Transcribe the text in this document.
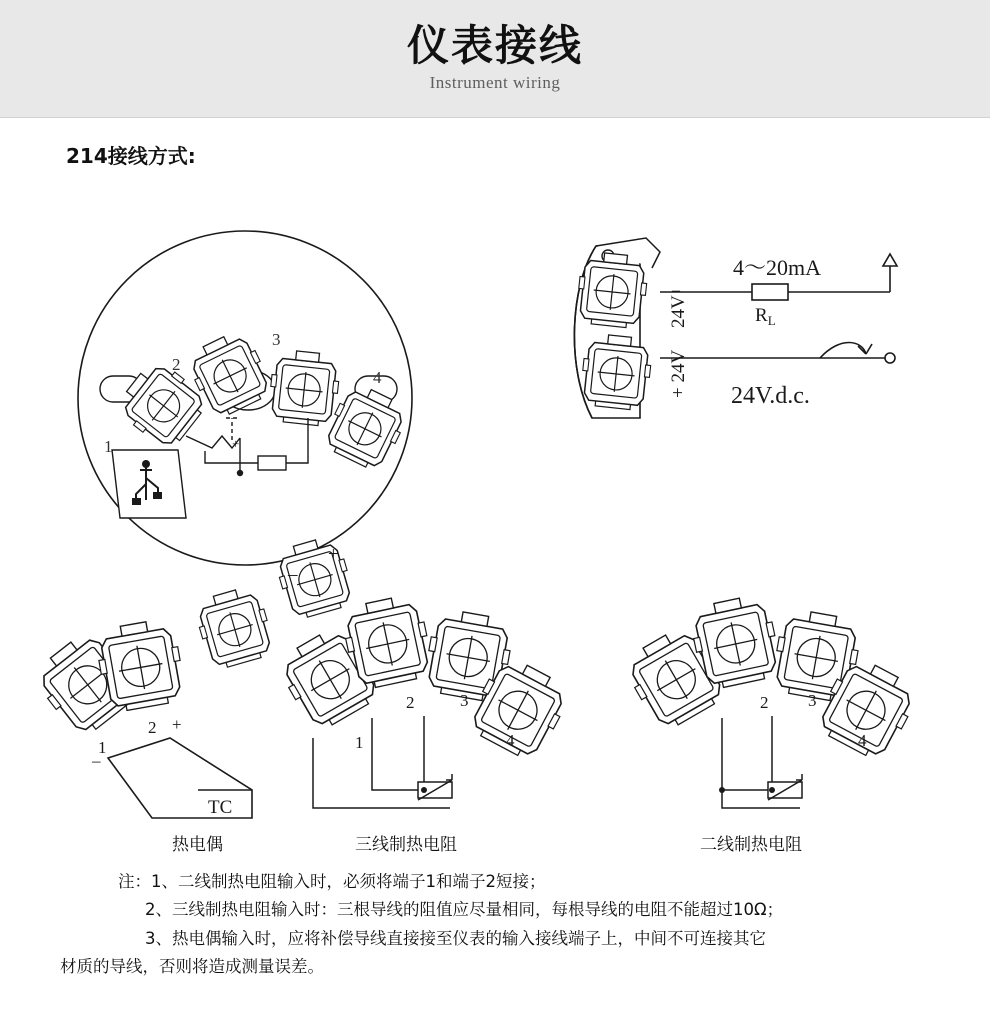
仪表接线
Instrument wiring
214接线方式:
1
2
3
4
+
–
+
24V
+ 24V
–
4～20mA
$R_L$
24V.d.c.
2
1
+
–
TC
1
2	3
4
2 3
4
热电偶	三线制热电阻	二线制热电阻
注：1、二线制热电阻输入时，必须将端子1和端子2短接；
2、三线制热电阻输入时：三根导线的阻值应尽量相同，每根导线的电阻不能超过10Ω；
3、热电偶输入时，应将补偿导线直接接至仪表的输入接线端子上，中间不可连接其它
材质的导线，否则将造成测量误差。
